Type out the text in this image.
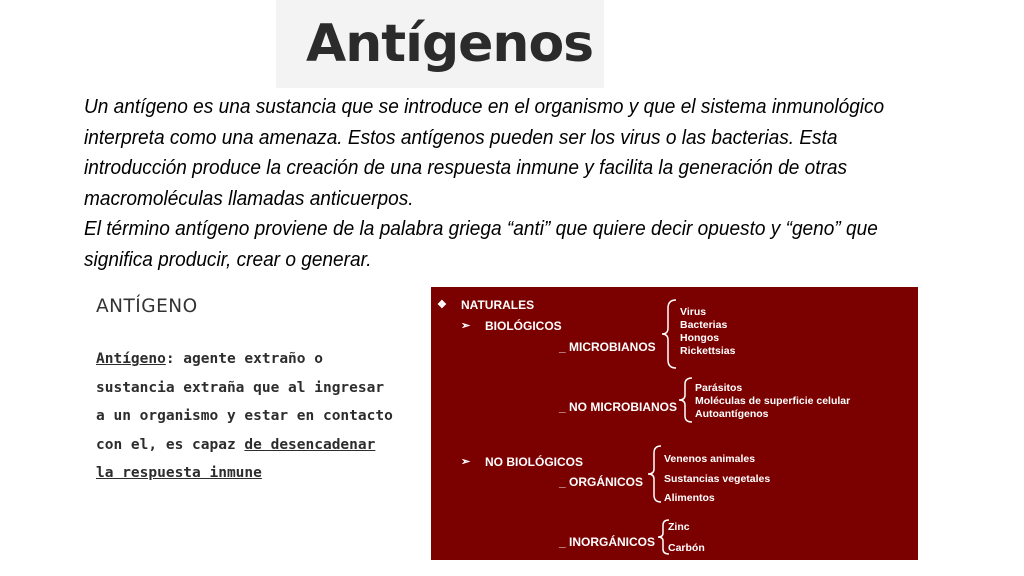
Antígenos

Un antígeno es una sustancia que se introduce en el organismo y que el sistema inmunológico interpreta como una amenaza. Estos antígenos pueden ser los virus o las bacterias. Esta introducción produce la creación de una respuesta inmune y facilita la generación de otras macromoléculas llamadas anticuerpos.

El término antígeno proviene de la palabra griega “anti” que quiere decir opuesto y “geno” que significa producir, crear o generar.

ANTÍGENO
Antígeno: agente extraño o sustancia extraña que al ingresar a un organismo y estar en contacto con el, es capaz de desencadenar la respuesta inmune
❖ NATURALES
➢ BIOLÓGICOS
_ MICROBIANOS
Virus
Bacterias
Hongos
Rickettsias
_ NO MICROBIANOS
Parásitos
Moléculas de superficie celular
Autoantígenos
➢ NO BIOLÓGICOS
_ ORGÁNICOS
Venenos animales
Sustancias vegetales
Alimentos
_ INORGÁNICOS
Zinc
Carbón
